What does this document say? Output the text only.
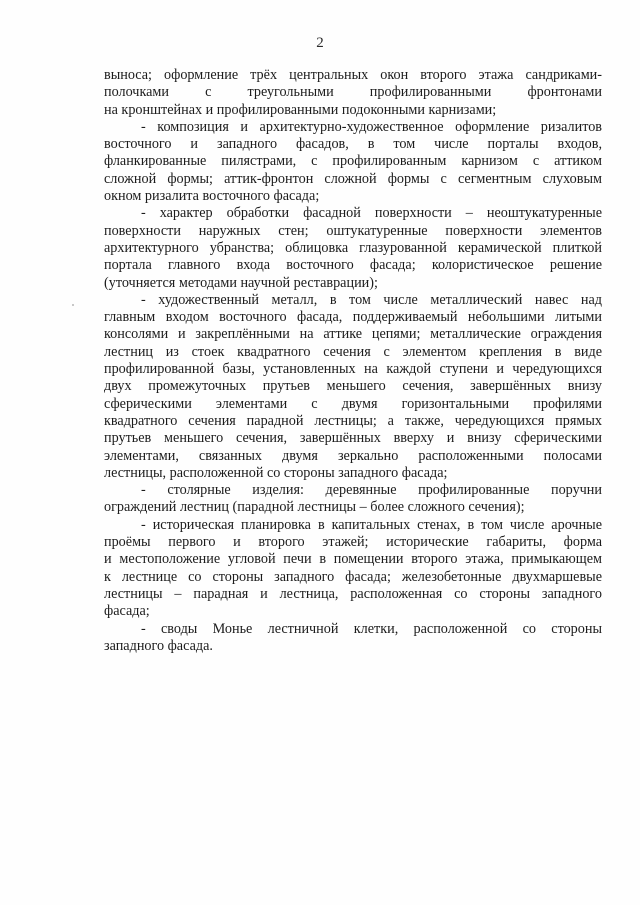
2
выноса; оформление трёх центральных окон второго этажа сандриками-
полочками с треугольными профилированными фронтонами
на кронштейнах и профилированными подоконными карнизами;
- композиция и архитектурно-художественное оформление ризалитов
восточного и западного фасадов, в том числе порталы входов,
фланкированные пилястрами, с профилированным карнизом с аттиком
сложной формы; аттик-фронтон сложной формы с сегментным слуховым
окном ризалита восточного фасада;
- характер обработки фасадной поверхности – неоштукатуренные
поверхности наружных стен; оштукатуренные поверхности элементов
архитектурного убранства; облицовка глазурованной керамической плиткой
портала главного входа восточного фасада; колористическое решение
(уточняется методами научной реставрации);
- художественный металл, в том числе металлический навес над
главным входом восточного фасада, поддерживаемый небольшими литыми
консолями и закреплёнными на аттике цепями; металлические ограждения
лестниц из стоек квадратного сечения с элементом крепления в виде
профилированной базы, установленных на каждой ступени и чередующихся
двух промежуточных прутьев меньшего сечения, завершённых внизу
сферическими элементами с двумя горизонтальными профилями
квадратного сечения парадной лестницы; а также, чередующихся прямых
прутьев меньшего сечения, завершённых вверху и внизу сферическими
элементами, связанных двумя зеркально расположенными полосами
лестницы, расположенной со стороны западного фасада;
- столярные изделия: деревянные профилированные поручни
ограждений лестниц (парадной лестницы – более сложного сечения);
- историческая планировка в капитальных стенах, в том числе арочные
проёмы первого и второго этажей; исторические габариты, форма
и местоположение угловой печи в помещении второго этажа, примыкающем
к лестнице со стороны западного фасада; железобетонные двухмаршевые
лестницы – парадная и лестница, расположенная со стороны западного
фасада;
- своды Монье лестничной клетки, расположенной со стороны
западного фасада.
